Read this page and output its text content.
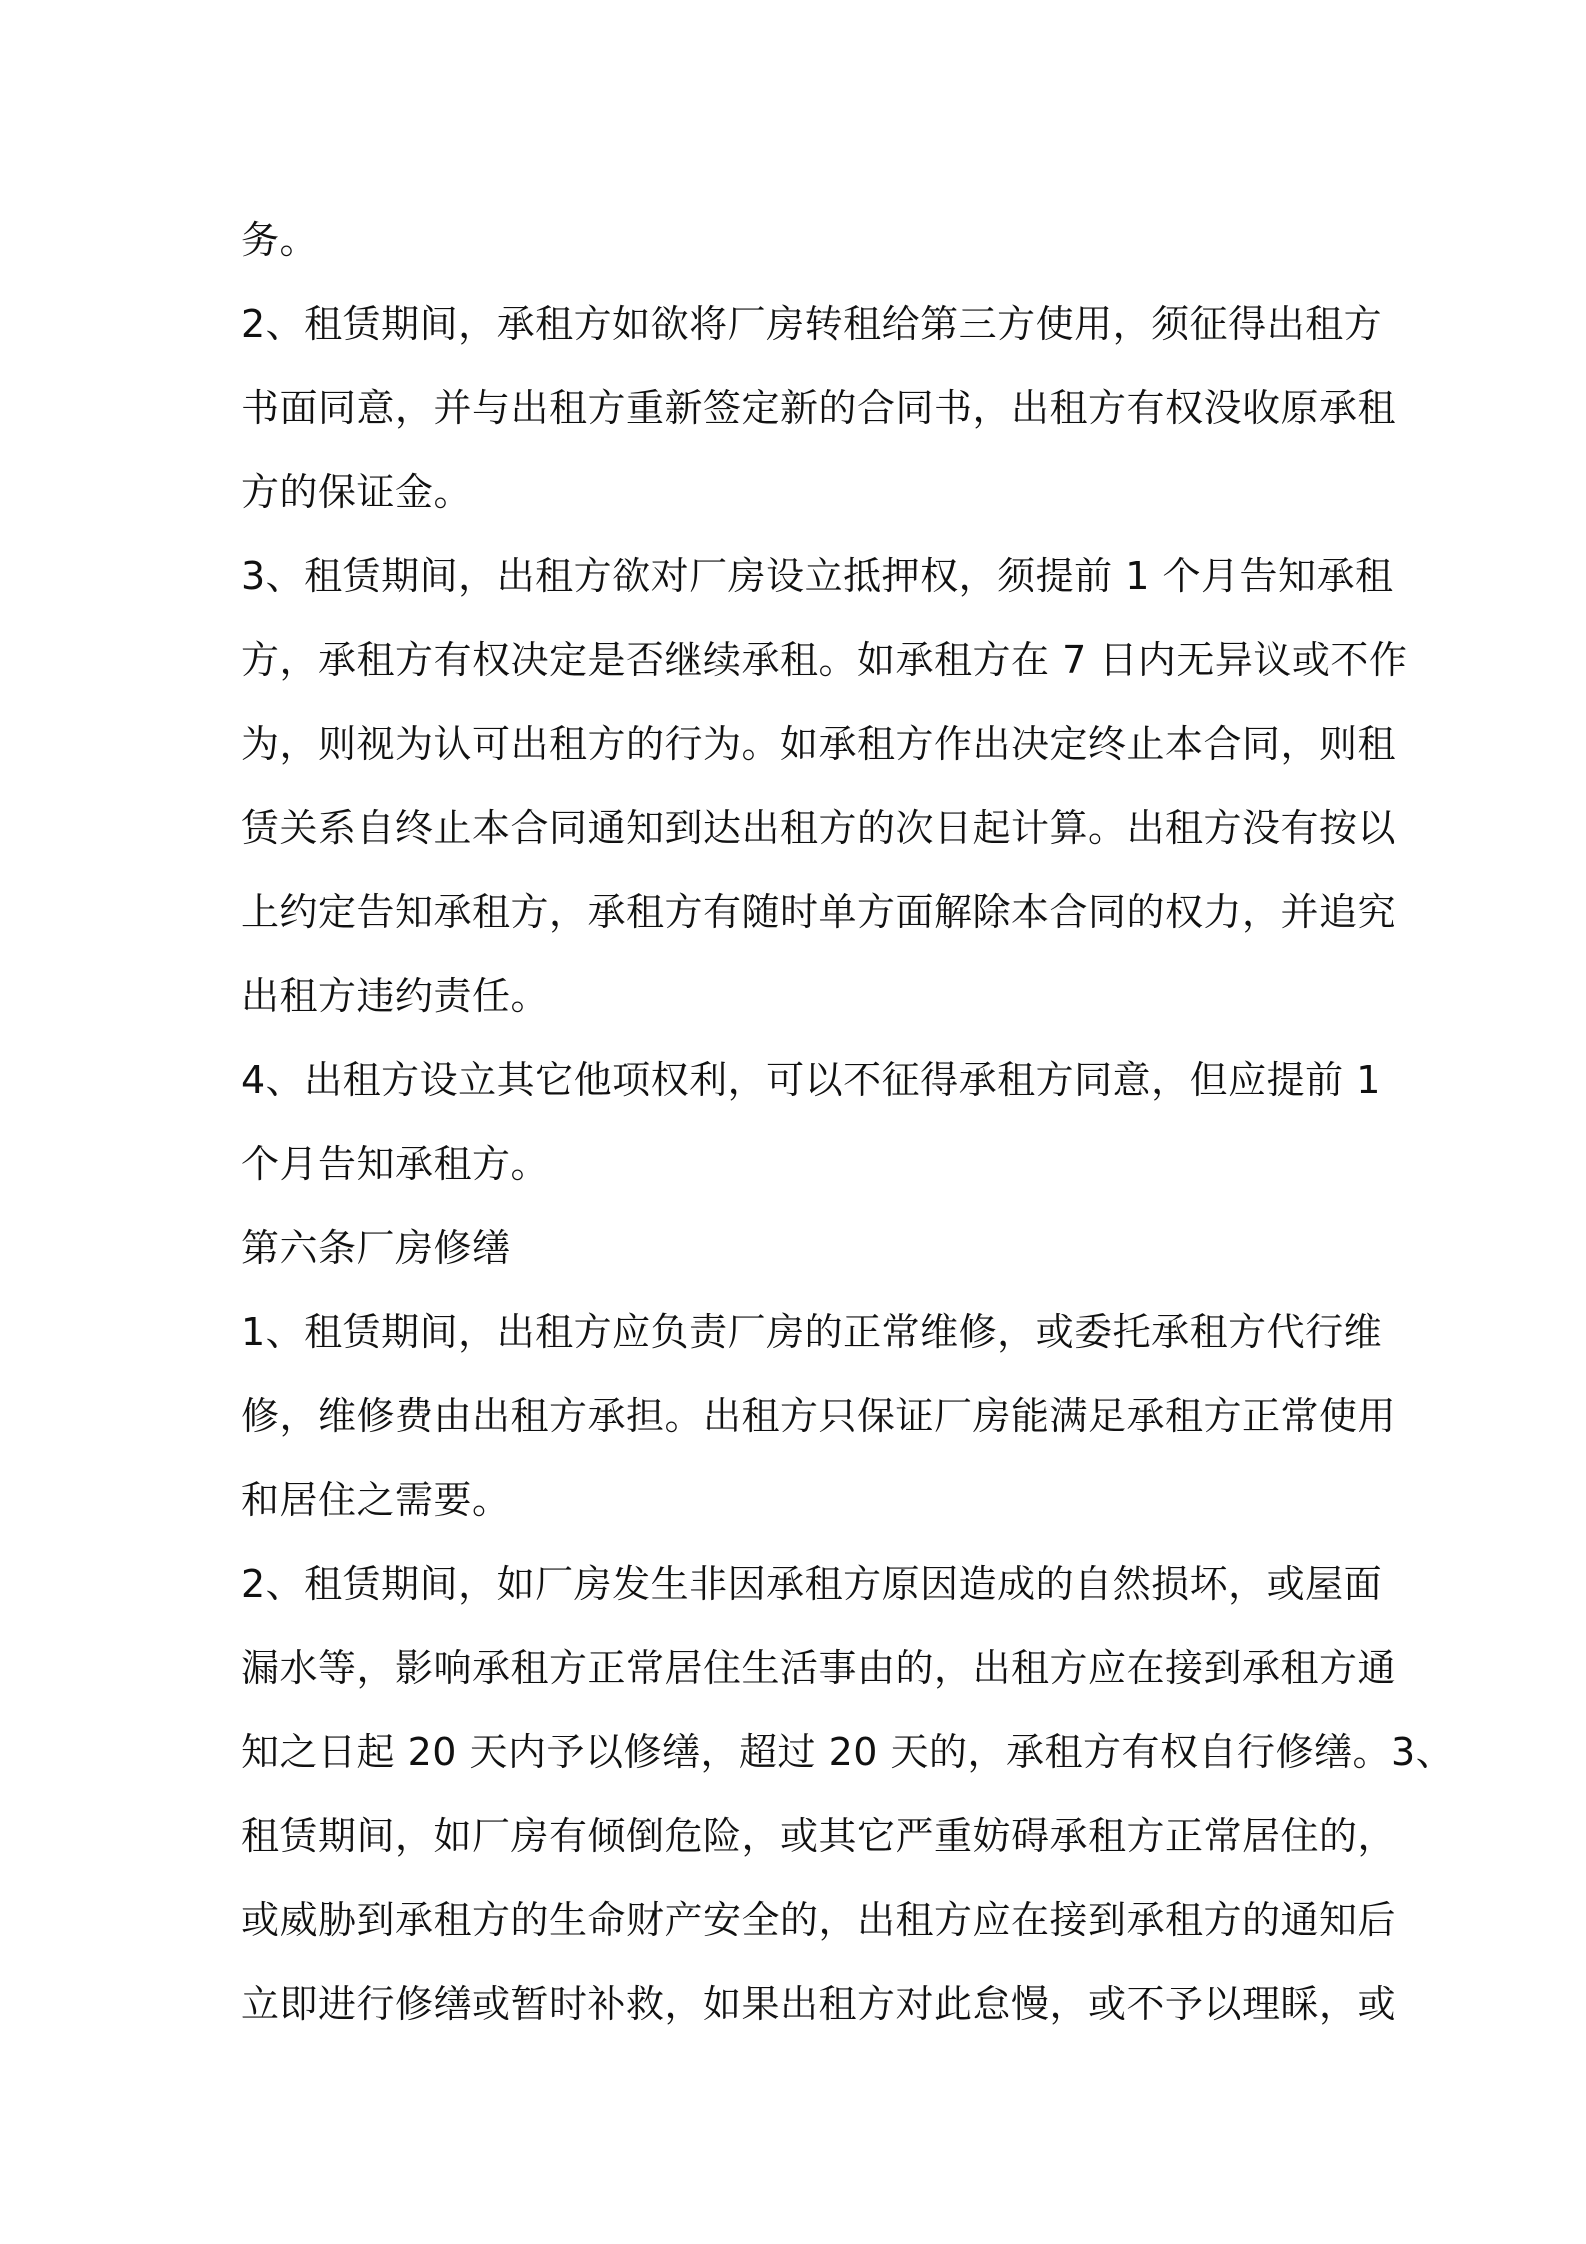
务。
2、租赁期间，承租方如欲将厂房转租给第三方使用，须征得出租方
书面同意，并与出租方重新签定新的合同书，出租方有权没收原承租
方的保证金。
3、租赁期间，出租方欲对厂房设立抵押权，须提前 1 个月告知承租
方，承租方有权决定是否继续承租。如承租方在 7 日内无异议或不作
为，则视为认可出租方的行为。如承租方作出决定终止本合同，则租
赁关系自终止本合同通知到达出租方的次日起计算。出租方没有按以
上约定告知承租方，承租方有随时单方面解除本合同的权力，并追究
出租方违约责任。
4、出租方设立其它他项权利，可以不征得承租方同意，但应提前 1
个月告知承租方。
第六条厂房修缮
1、租赁期间，出租方应负责厂房的正常维修，或委托承租方代行维
修，维修费由出租方承担。出租方只保证厂房能满足承租方正常使用
和居住之需要。
2、租赁期间，如厂房发生非因承租方原因造成的自然损坏，或屋面
漏水等，影响承租方正常居住生活事由的，出租方应在接到承租方通
知之日起 20 天内予以修缮，超过 20 天的，承租方有权自行修缮。3、
租赁期间，如厂房有倾倒危险，或其它严重妨碍承租方正常居住的，
或威胁到承租方的生命财产安全的，出租方应在接到承租方的通知后
立即进行修缮或暂时补救，如果出租方对此怠慢，或不予以理睬，或
